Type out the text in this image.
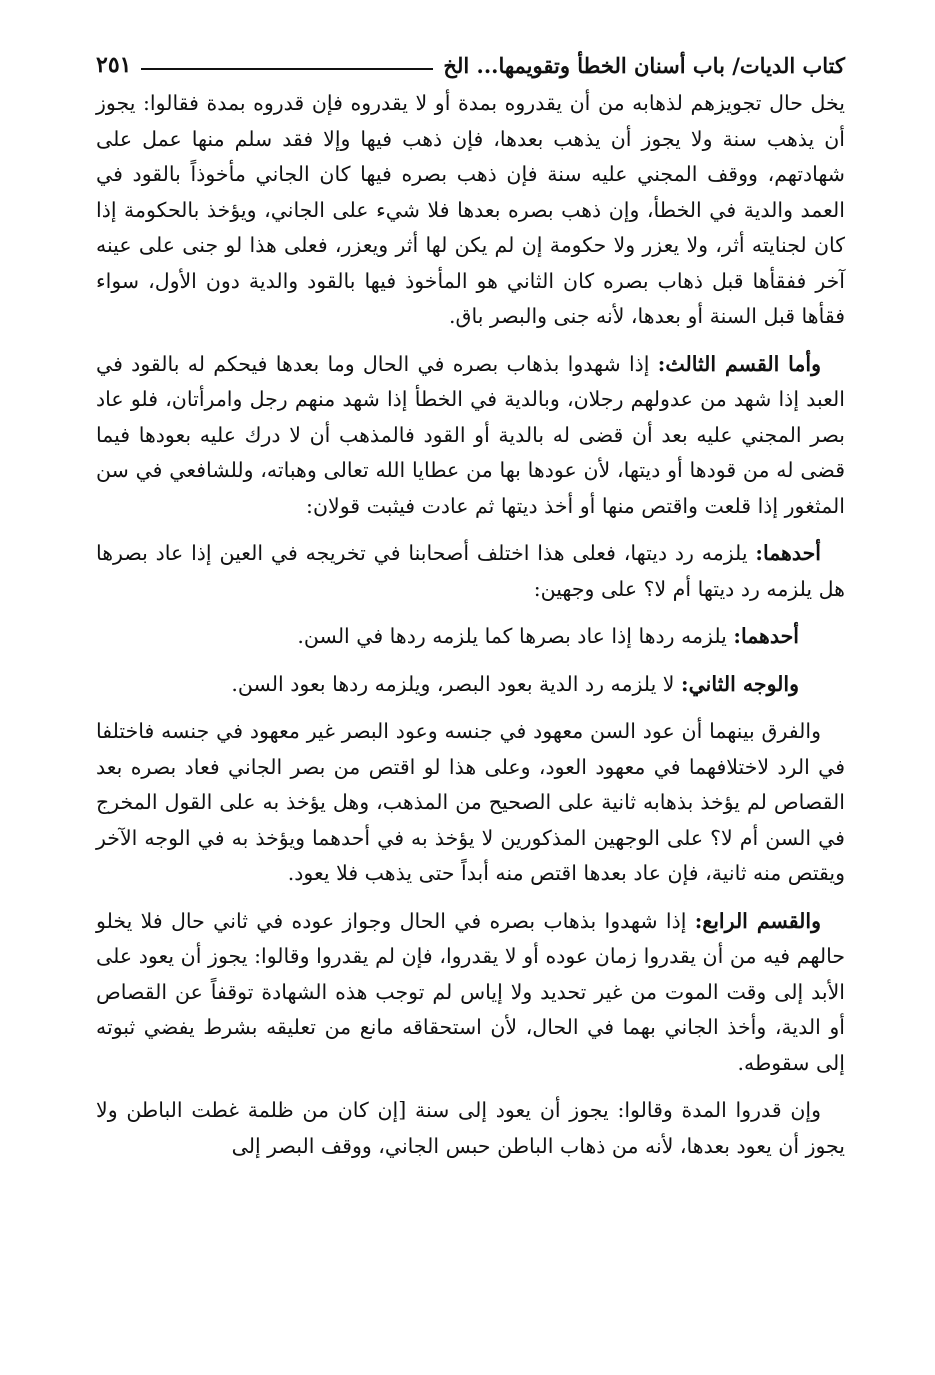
كتاب الديات/ باب أسنان الخطأ وتقويمها... الخ
٢٥١

يخل حال تجويزهم لذهابه من أن يقدروه بمدة أو لا يقدروه فإن قدروه بمدة فقالوا: يجوز أن يذهب سنة ولا يجوز أن يذهب بعدها، فإن ذهب فيها وإلا فقد سلم منها عمل على شهادتهم، ووقف المجني عليه سنة فإن ذهب بصره فيها كان الجاني مأخوذاً بالقود في العمد والدية في الخطأ، وإن ذهب بصره بعدها فلا شيء على الجاني، ويؤخذ بالحكومة إذا كان لجنايته أثر، ولا يعزر ولا حكومة إن لم يكن لها أثر ويعزر، فعلى هذا لو جنى على عينه آخر ففقأها قبل ذهاب بصره كان الثاني هو المأخوذ فيها بالقود والدية دون الأول، سواء فقأها قبل السنة أو بعدها، لأنه جنى والبصر باق.

وأما القسم الثالث: إذا شهدوا بذهاب بصره في الحال وما بعدها فيحكم له بالقود في العبد إذا شهد من عدولهم رجلان، وبالدية في الخطأ إذا شهد منهم رجل وامرأتان، فلو عاد بصر المجني عليه بعد أن قضى له بالدية أو القود فالمذهب أن لا درك عليه بعودها فيما قضى له من قودها أو ديتها، لأن عودها بها من عطايا الله تعالى وهباته، وللشافعي في سن المثغور إذا قلعت واقتص منها أو أخذ ديتها ثم عادت فيثبت قولان:

أحدهما: يلزمه رد ديتها، فعلى هذا اختلف أصحابنا في تخريجه في العين إذا عاد بصرها هل يلزمه رد ديتها أم لا؟ على وجهين:

أحدهما: يلزمه ردها إذا عاد بصرها كما يلزمه ردها في السن.

والوجه الثاني: لا يلزمه رد الدية بعود البصر، ويلزمه ردها بعود السن.

والفرق بينهما أن عود السن معهود في جنسه وعود البصر غير معهود في جنسه فاختلفا في الرد لاختلافهما في معهود العود، وعلى هذا لو اقتص من بصر الجاني فعاد بصره بعد القصاص لم يؤخذ بذهابه ثانية على الصحيح من المذهب، وهل يؤخذ به على القول المخرج في السن أم لا؟ على الوجهين المذكورين لا يؤخذ به في أحدهما ويؤخذ به في الوجه الآخر ويقتص منه ثانية، فإن عاد بعدها اقتص منه أبداً حتى يذهب فلا يعود.

والقسم الرابع: إذا شهدوا بذهاب بصره في الحال وجواز عوده في ثاني حال فلا يخلو حالهم فيه من أن يقدروا زمان عوده أو لا يقدروا، فإن لم يقدروا وقالوا: يجوز أن يعود على الأبد إلى وقت الموت من غير تحديد ولا إياس لم توجب هذه الشهادة توقفاً عن القصاص أو الدية، وأخذ الجاني بهما في الحال، لأن استحقاقه مانع من تعليقه بشرط يفضي ثبوته إلى سقوطه.

وإن قدروا المدة وقالوا: يجوز أن يعود إلى سنة [إن كان من ظلمة غطت الباطن ولا يجوز أن يعود بعدها، لأنه من ذهاب الباطن حبس الجاني، ووقف البصر إلى
